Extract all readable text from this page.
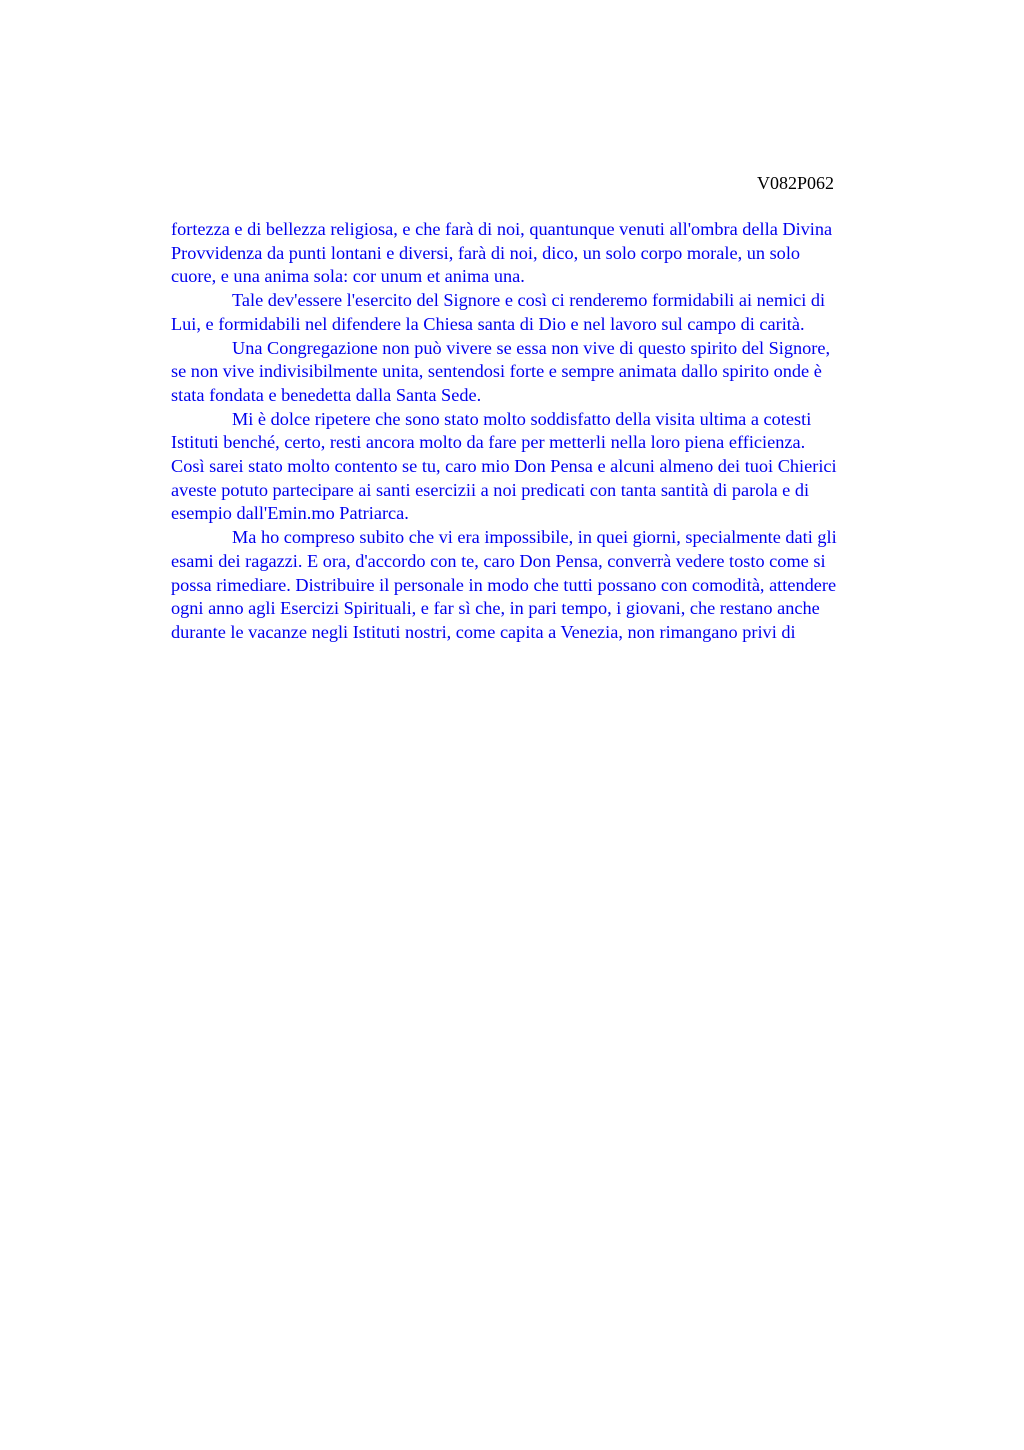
V082P062
fortezza e di bellezza religiosa, e che farà di noi, quantunque venuti all'ombra della Divina
Provvidenza da punti lontani e diversi, farà di noi, dico, un solo corpo morale, un solo
cuore, e una anima sola: cor unum et anima una.
Tale dev'essere l'esercito del Signore e così ci renderemo formidabili ai nemici di
Lui, e formidabili nel difendere la Chiesa santa di Dio e nel lavoro sul campo di carità.
Una Congregazione non può vivere se essa non vive di questo spirito del Signore,
se non vive indivisibilmente unita, sentendosi forte e sempre animata dallo spirito onde è
stata fondata e benedetta dalla Santa Sede.
Mi è dolce ripetere che sono stato molto soddisfatto della visita ultima a cotesti
Istituti benché, certo, resti ancora molto da fare per metterli nella loro piena efficienza.
Così sarei stato molto contento se tu, caro mio Don Pensa e alcuni almeno dei tuoi Chierici
aveste potuto partecipare ai santi esercizii a noi predicati con tanta santità di parola e di
esempio dall'Emin.mo Patriarca.
Ma ho compreso subito che vi era impossibile, in quei giorni, specialmente dati gli
esami dei ragazzi. E ora, d'accordo con te, caro Don Pensa, converrà vedere tosto come si
possa rimediare. Distribuire il personale in modo che tutti possano con comodità, attendere
ogni anno agli Esercizi Spirituali, e far sì che, in pari tempo, i giovani, che restano anche
durante le vacanze negli Istituti nostri, come capita a Venezia, non rimangano privi di
